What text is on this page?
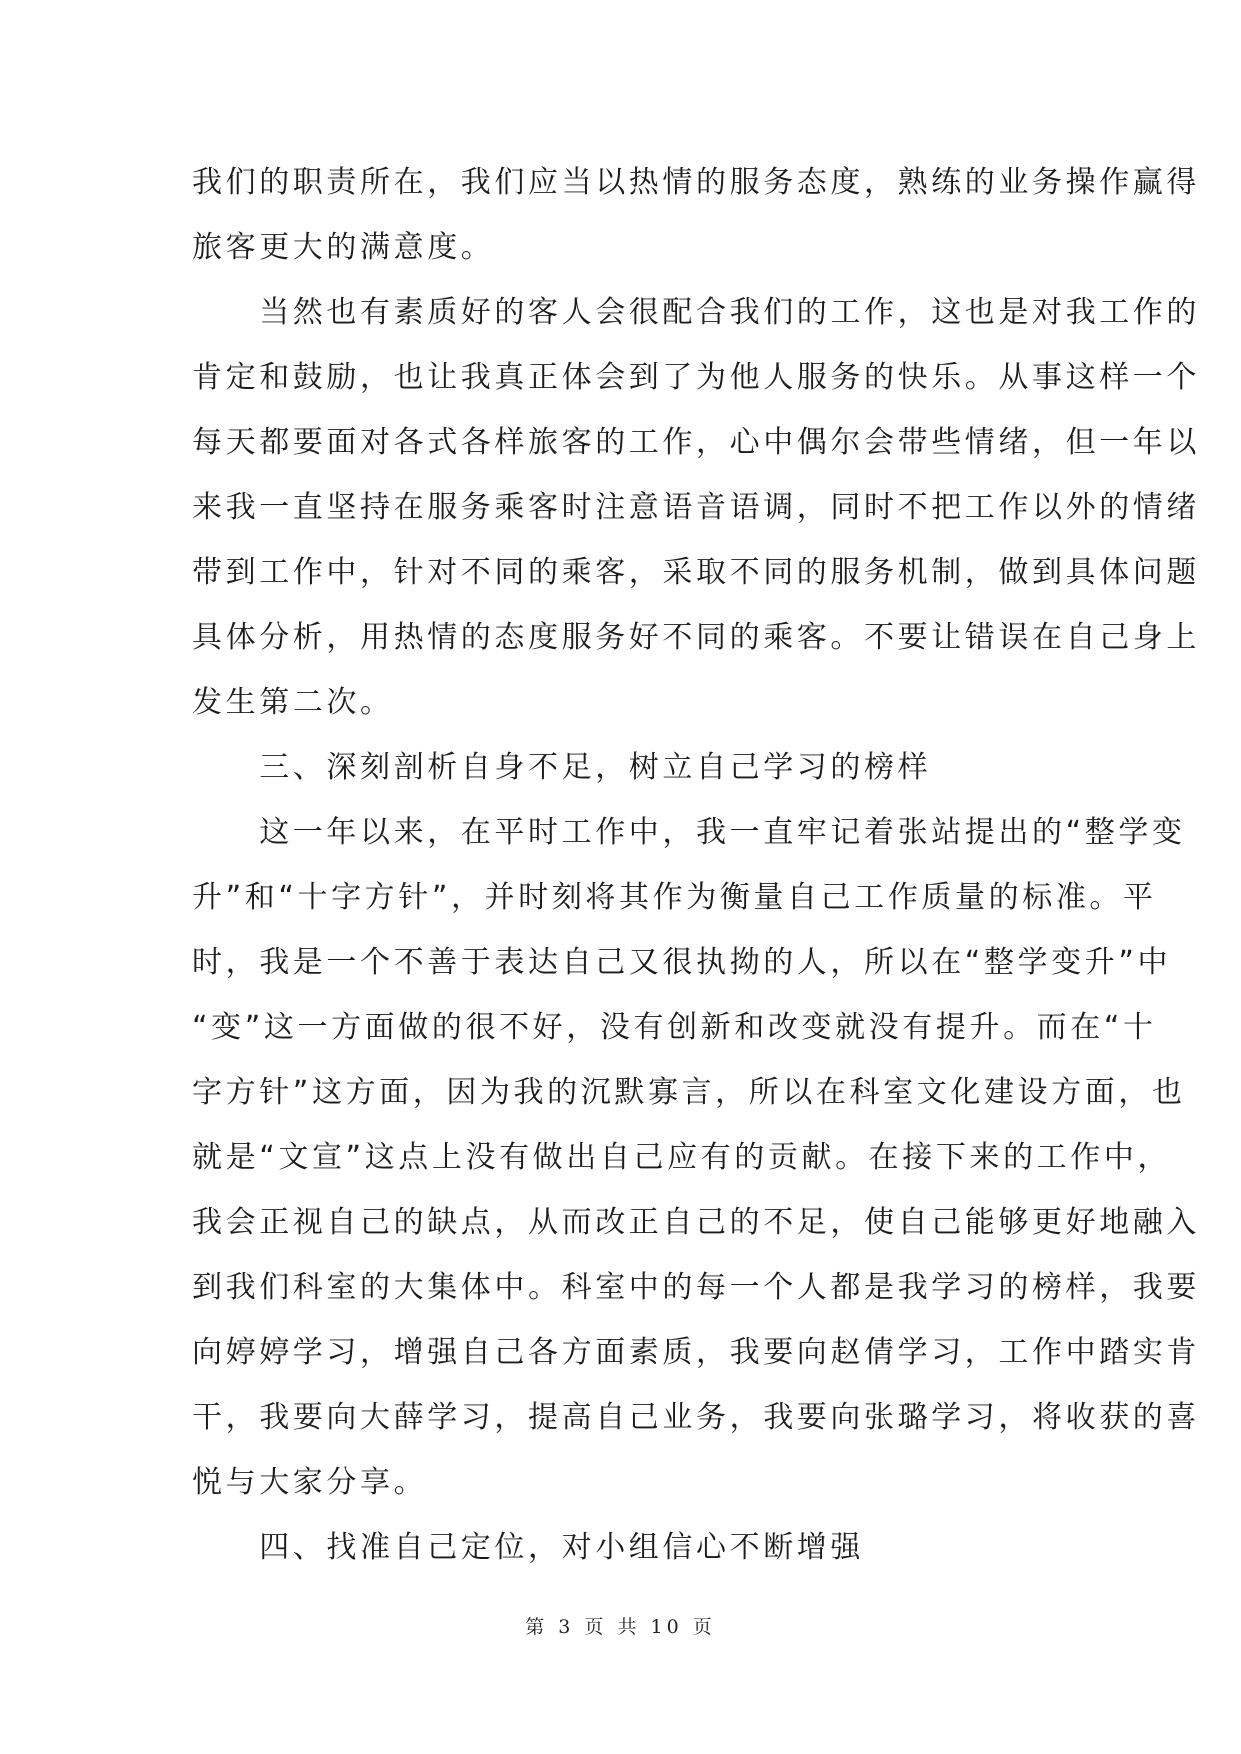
我们的职责所在，我们应当以热情的服务态度，熟练的业务操作赢得
旅客更大的满意度。
　　当然也有素质好的客人会很配合我们的工作，这也是对我工作的
肯定和鼓励，也让我真正体会到了为他人服务的快乐。从事这样一个
每天都要面对各式各样旅客的工作，心中偶尔会带些情绪，但一年以
来我一直坚持在服务乘客时注意语音语调，同时不把工作以外的情绪
带到工作中，针对不同的乘客，采取不同的服务机制，做到具体问题
具体分析，用热情的态度服务好不同的乘客。不要让错误在自己身上
发生第二次。
　　三、深刻剖析自身不足，树立自己学习的榜样
　　这一年以来，在平时工作中，我一直牢记着张站提出的“整学变
升”和“十字方针”，并时刻将其作为衡量自己工作质量的标准。平
时，我是一个不善于表达自己又很执拗的人，所以在“整学变升”中
“变”这一方面做的很不好，没有创新和改变就没有提升。而在“十
字方针”这方面，因为我的沉默寡言，所以在科室文化建设方面，也
就是“文宣”这点上没有做出自己应有的贡献。在接下来的工作中，
我会正视自己的缺点，从而改正自己的不足，使自己能够更好地融入
到我们科室的大集体中。科室中的每一个人都是我学习的榜样，我要
向婷婷学习，增强自己各方面素质，我要向赵倩学习，工作中踏实肯
干，我要向大薛学习，提高自己业务，我要向张璐学习，将收获的喜
悦与大家分享。
　　四、找准自己定位，对小组信心不断增强
第 3 页 共 10 页
